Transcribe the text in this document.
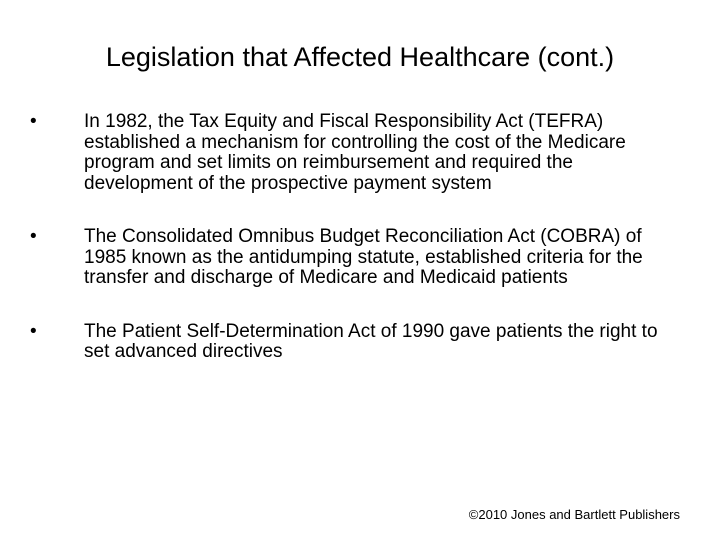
Legislation that Affected Healthcare (cont.)
•	In 1982, the Tax Equity and Fiscal Responsibility Act (TEFRA) established a mechanism for controlling the cost of the Medicare program and set limits on reimbursement and required the development of the prospective payment system
•	The Consolidated Omnibus Budget Reconciliation Act (COBRA) of 1985 known as the antidumping statute, established criteria for the transfer and discharge of Medicare and Medicaid patients
•	The Patient Self-Determination Act of 1990 gave patients the right to set advanced directives
©2010 Jones and Bartlett Publishers
